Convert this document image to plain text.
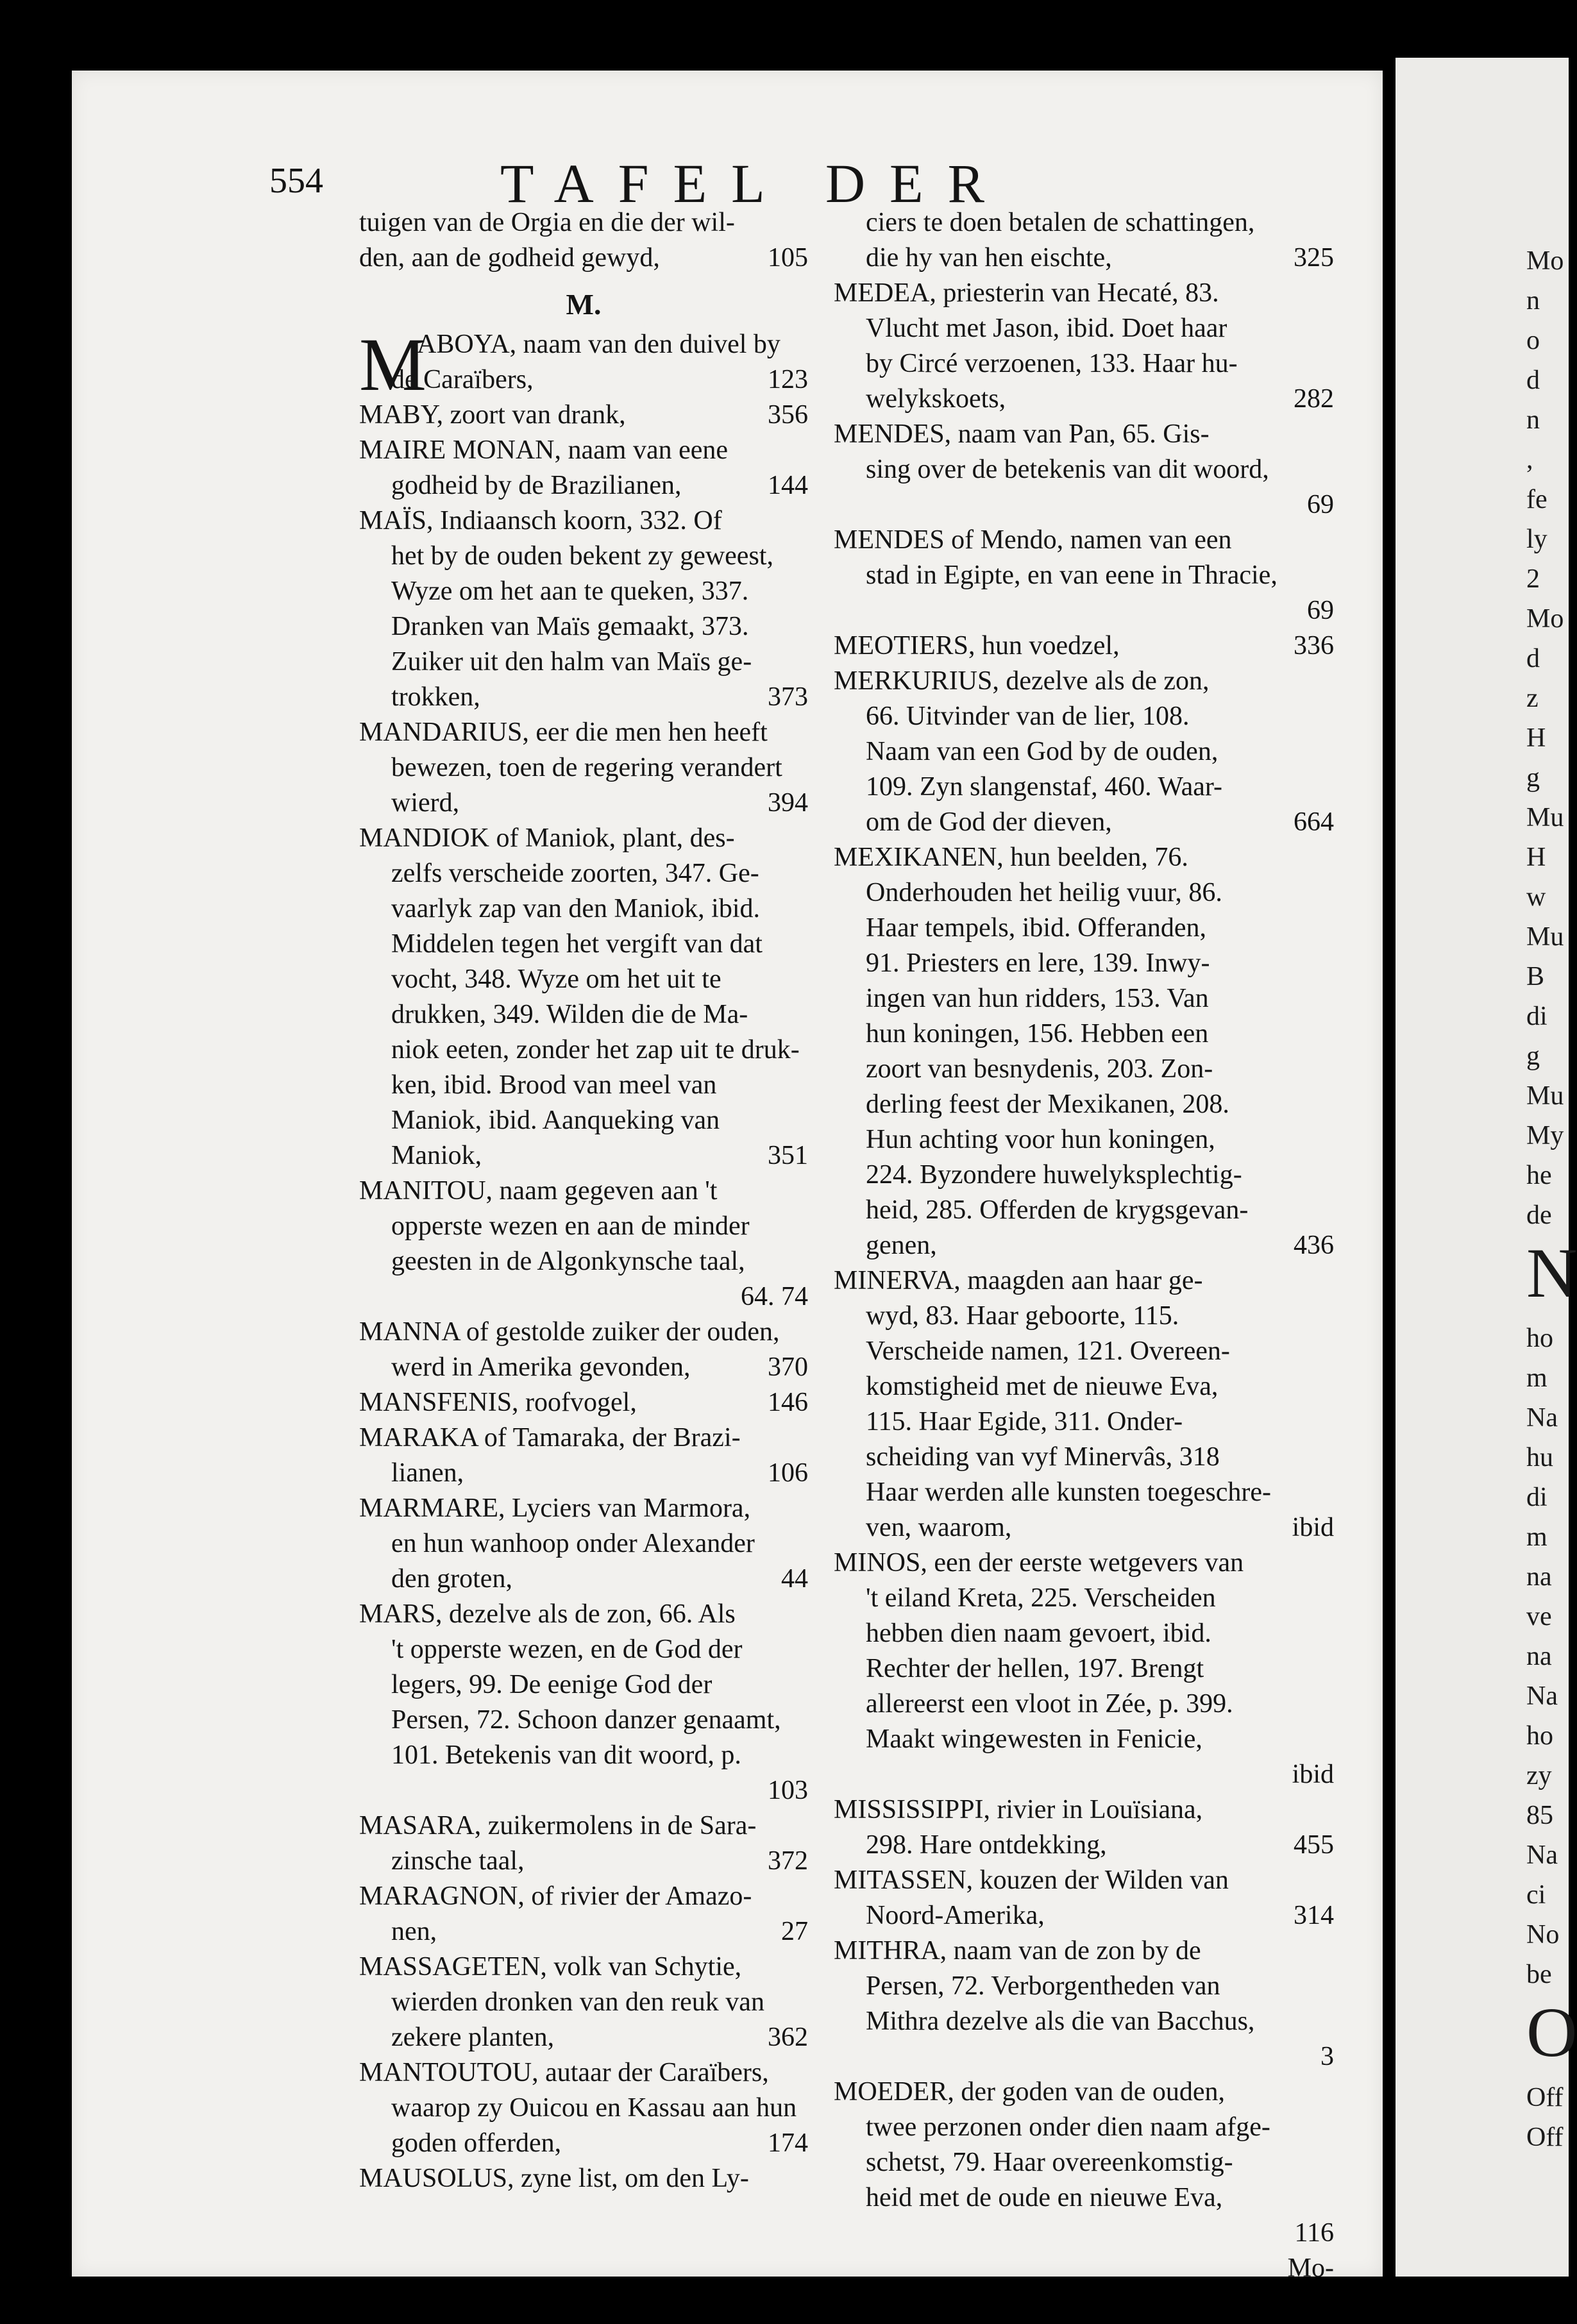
554	TAFEL DER
tuigen van de Orgia en die der wil-
den, aan de godheid gewyd,	105
M.
M
ABOYA, naam van den duivel by
de Caraïbers,	123
MABY, zoort van drank,	356
MAIRE MONAN, naam van eene
godheid by de Brazilianen,	144
MAÏS, Indiaansch koorn, 332. Of
het by de ouden bekent zy geweest,
Wyze om het aan te queken, 337.
Dranken van Maïs gemaakt, 373.
Zuiker uit den halm van Maïs ge-
trokken,	373
MANDARIUS, eer die men hen heeft
bewezen, toen de regering verandert
wierd,	394
MANDIOK of Maniok, plant, des-
zelfs verscheide zoorten, 347. Ge-
vaarlyk zap van den Maniok, ibid.
Middelen tegen het vergift van dat
vocht, 348. Wyze om het uit te
drukken, 349. Wilden die de Ma-
niok eeten, zonder het zap uit te druk-
ken, ibid. Brood van meel van
Maniok, ibid. Aanqueking van
Maniok,	351
MANITOU, naam gegeven aan 't
opperste wezen en aan de minder
geesten in de Algonkynsche taal,
64. 74
MANNA of gestolde zuiker der ouden,
werd in Amerika gevonden,	370
MANSFENIS, roofvogel,	146
MARAKA of Tamaraka, der Brazi-
lianen,	106
MARMARE, Lyciers van Marmora,
en hun wanhoop onder Alexander
den groten,	44
MARS, dezelve als de zon, 66. Als
't opperste wezen, en de God der
legers, 99. De eenige God der
Persen, 72. Schoon danzer genaamt,
101. Betekenis van dit woord, p.
103
MASARA, zuikermolens in de Sara-
zinsche taal,	372
MARAGNON, of rivier der Amazo-
nen,	27
MASSAGETEN, volk van Schytie,
wierden dronken van den reuk van
zekere planten,	362
MANTOUTOU, autaar der Caraïbers,
waarop zy Ouicou en Kassau aan hun
goden offerden,	174
MAUSOLUS, zyne list, om den Ly-
ciers te doen betalen de schattingen,
die hy van hen eischte,	325
MEDEA, priesterin van Hecaté, 83.
Vlucht met Jason, ibid. Doet haar
by Circé verzoenen, 133. Haar hu-
welykskoets,	282
MENDES, naam van Pan, 65. Gis-
sing over de betekenis van dit woord,
69
MENDES of Mendo, namen van een
stad in Egipte, en van eene in Thracie,
69
MEOTIERS, hun voedzel,	336
MERKURIUS, dezelve als de zon,
66. Uitvinder van de lier, 108.
Naam van een God by de ouden,
109. Zyn slangenstaf, 460. Waar-
om de God der dieven,	664
MEXIKANEN, hun beelden, 76.
Onderhouden het heilig vuur, 86.
Haar tempels, ibid. Offeranden,
91. Priesters en lere, 139. Inwy-
ingen van hun ridders, 153. Van
hun koningen, 156. Hebben een
zoort van besnydenis, 203. Zon-
derling feest der Mexikanen, 208.
Hun achting voor hun koningen,
224. Byzondere huwelyksplechtig-
heid, 285. Offerden de krygsgevan-
genen,	436
MINERVA, maagden aan haar ge-
wyd, 83. Haar geboorte, 115.
Verscheide namen, 121. Overeen-
komstigheid met de nieuwe Eva,
115. Haar Egide, 311. Onder-
scheiding van vyf Minervâs, 318
Haar werden alle kunsten toegeschre-
ven, waarom,	ibid
MINOS, een der eerste wetgevers van
't eiland Kreta, 225. Verscheiden
hebben dien naam gevoert, ibid.
Rechter der hellen, 197. Brengt
allereerst een vloot in Zée, p. 399.
Maakt wingewesten in Fenicie,
ibid
MISSISSIPPI, rivier in Louïsiana,
298. Hare ontdekking,	455
MITASSEN, kouzen der Wilden van
Noord-Amerika,	314
MITHRA, naam van de zon by de
Persen, 72. Verborgentheden van
Mithra dezelve als die van Bacchus,
3
MOEDER, der goden van de ouden,
twee perzonen onder dien naam afge-
schetst, 79. Haar overeenkomstig-
heid met de oude en nieuwe Eva,
116
Mo-
Mo
n
o
d
n
,
fe
ly
2
Mo
d
z
H
g
Mu
H
w
Mu
B
di
g
Mu
My
he
de
N
ho
m
Na
hu
di
m
na
ve
na
Na
ho
zy
85
Na
ci
No
be
O
Off
Off
